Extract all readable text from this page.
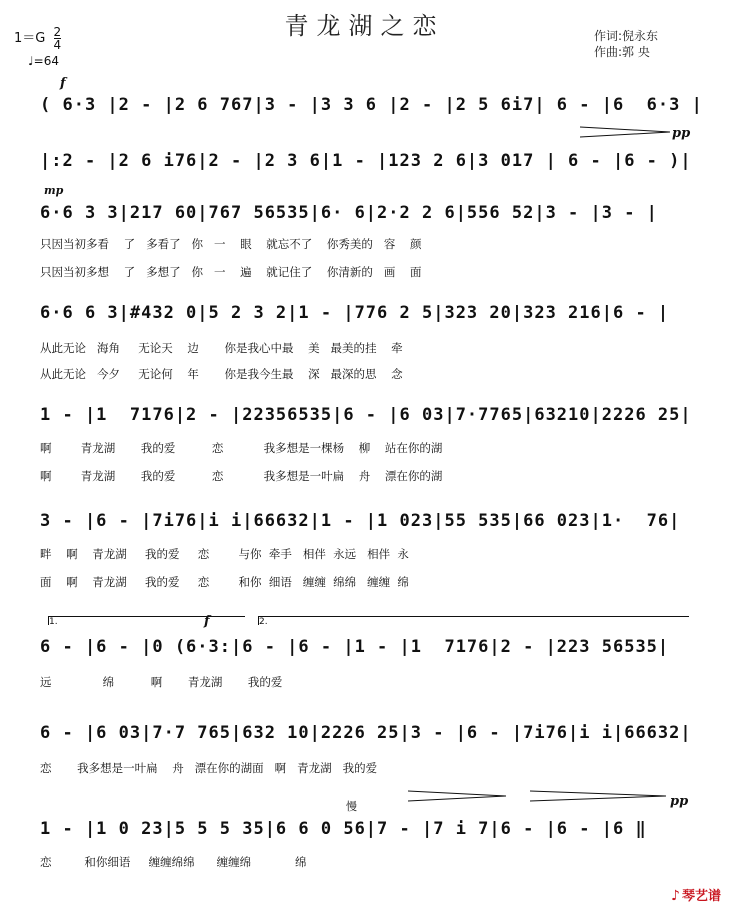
青龙湖之恋	作词:倪永东
作曲:郭 央
$1=G \frac{2}{4}$
♩=64
f
pp
mp
f
pp
慢
1.	2.
( 6·3 |2 - |2 6 767|3 - |3 3 6 |2 - |2 5 6i7| 6 - |6  6·3 |
|:2 - |2 6 i76|2 - |2 3 6|1 - |123 2 6|3 017 | 6 - |6 - )|
6·6 3 3|217 60|767 56535|6· 6|2·2 2 6|556 52|3 - |3 - |
只因当初多看    了   多看了   你   一    眼    就忘不了    你秀美的   容    颜
只因当初多想    了   多想了   你   一    遍    就记住了    你清新的   画    面
6·6 6 3|#432 0|5 2 3 2|1 - |776 2 5|323 20|323 216|6 - |
从此无论   海角     无论天    边       你是我心中最    美   最美的挂    牵
从此无论   今夕     无论何    年       你是我今生最    深   最深的思    念
1 - |1  7176|2 - |22356535|6 - |6 03|7·7765|63210|2226 25|
啊        青龙湖       我的爱          恋           我多想是一棵杨    柳    站在你的湖
啊        青龙湖       我的爱          恋           我多想是一叶扁    舟    漂在你的湖
3 - |6 - |7i76|i i|66632|1 - |1 023|55 535|66 023|1·  76|
畔    啊    青龙湖     我的爱     恋        与你  牵手   相伴  永远   相伴  永
面    啊    青龙湖     我的爱     恋        和你  细语   缠缠  绵绵   缠缠  绵
6 - |6 - |0 (6·3:|6 - |6 - |1 - |1  7176|2 - |223 56535|
远              绵          啊       青龙湖       我的爱
6 - |6 03|7·7 765|632 10|2226 25|3 - |6 - |7i76|i i|66632|
恋       我多想是一叶扁    舟   漂在你的湖面   啊   青龙湖   我的爱
1 - |1 0 23|5 5 5 35|6 6 0 56|7 - |7 i 7|6 - |6 - |6 ‖
恋         和你细语     缠缠绵绵      缠缠绵            绵
♪ 琴艺谱
